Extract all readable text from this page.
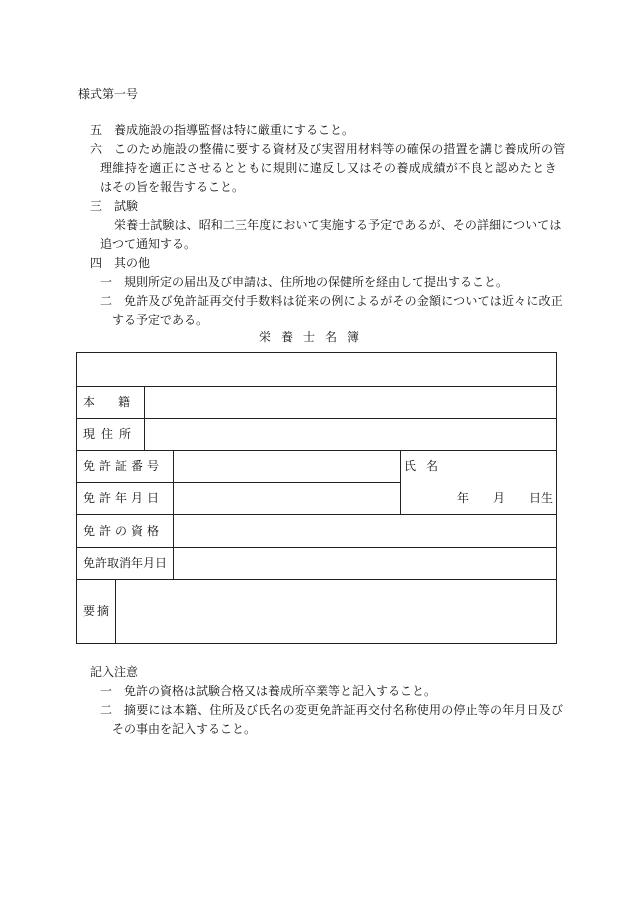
様式第一号
五 養成施設の指導監督は特に厳重にすること。
六 このため施設の整備に要する資材及び実習用材料等の確保の措置を講じ養成所の管
理維持を適正にさせるとともに規則に違反し又はその養成成績が不良と認めたとき
はその旨を報告すること。
三 試験
栄養士試験は、昭和二三年度において実施する予定であるが、その詳細については
追つて通知する。
四 其の他
一 規則所定の届出及び申請は、住所地の保健所を経由して提出すること。
二 免許及び免許証再交付手数料は従来の例によるがその金額については近々に改正
する予定である。
栄養士名簿
本籍
現住所
免許証番号	氏名
免許年月日	年 月 日生
免許の資格
免許取消年月日
要摘
記入注意
一 免許の資格は試験合格又は養成所卒業等と記入すること。
二 摘要には本籍、住所及び氏名の変更免許証再交付名称使用の停止等の年月日及び
その事由を記入すること。
